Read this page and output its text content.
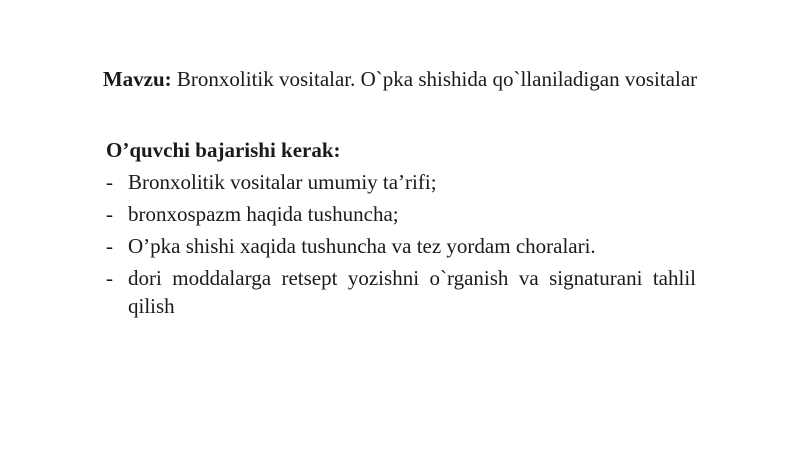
Mavzu: Bronxolitik vositalar. O`pka shishida qo`llaniladigan vositalar
O’quvchi bajarishi kerak:
- Bronxolitik vositalar umumiy ta’rifi;
- bronxospazm haqida tushuncha;
- O’pka shishi xaqida tushuncha va tez yordam choralari.
- dori moddalarga retsept yozishni o`rganish va signaturani tahlil qilish
